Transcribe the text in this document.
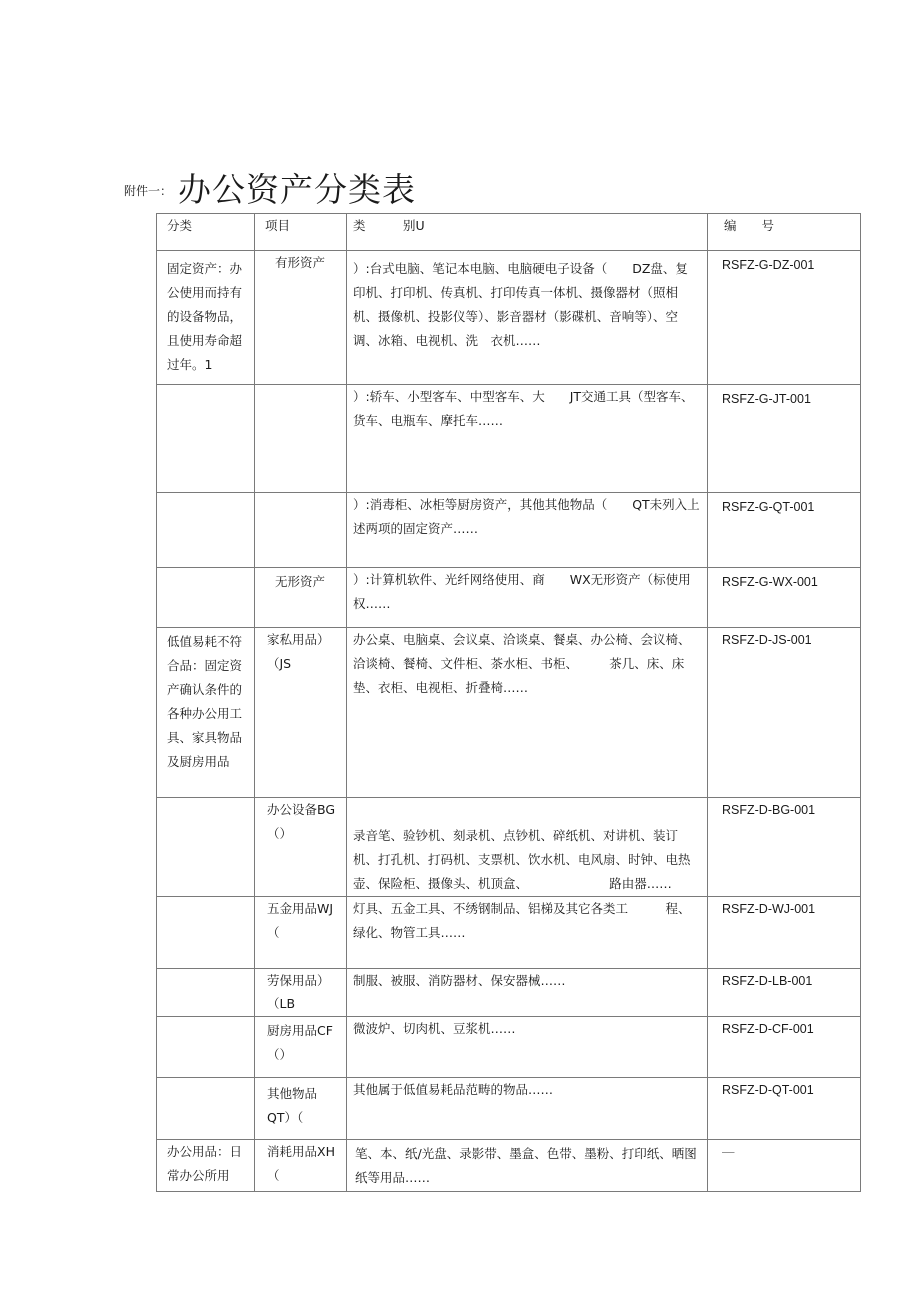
附件一： 办公资产分类表
分类	项目	类　　　别U	编　　号

固定资产：办公使用而持有的设备物品，且使用寿命超过年。1	有形资产	）:台式电脑、笔记本电脑、电脑硬电子设备（　　DZ盘、复　印机、打印机、传真机、打印传真一体机、摄像器材（照相机、摄像机、投影仪等）、影音器材（影碟机、音响等）、空调、冰箱、电视机、洗　衣机……	RSFZ-G-DZ-001

		）:轿车、小型客车、中型客车、大　　JT交通工具（型客车、货车、电瓶车、摩托车……	RSFZ-G-JT-001

		）:消毒柜、冰柜等厨房资产，其他其他物品（　　QT未列入上述两项的固定资产……	RSFZ-G-QT-001

	无形资产	）:计算机软件、光纤网络使用、商　　WX无形资产（标使用权……	RSFZ-G-WX-001

低值易耗不符合品：固定资产确认条件的各种办公用工具、家具物品及厨房用品	家私用品）（JS	办公桌、电脑桌、会议桌、洽谈桌、餐桌、办公椅、会议椅、洽谈椅、餐椅、文件柜、茶水柜、书柜、　　　茶几、床、床垫、衣柜、电视柜、折叠椅……	RSFZ-D-JS-001

	办公设备BG（）	录音笔、验钞机、刻录机、点钞机、碎纸机、对讲机、装订机、打孔机、打码机、支票机、饮水机、电风扇、时钟、电热壶、保险柜、摄像头、机顶盒、　　　　　　　路由器……	RSFZ-D-BG-001

	五金用品WJ（	灯具、五金工具、不绣钢制品、铝梯及其它各类工　　　程、绿化、物管工具……	RSFZ-D-WJ-001

	劳保用品）（LB	制服、被服、消防器材、保安器械……	RSFZ-D-LB-001

	厨房用品CF（）	微波炉、切肉机、豆浆机……	RSFZ-D-CF-001

	其他物品QT）（	其他属于低值易耗品范畴的物品……	RSFZ-D-QT-001

办公用品：日常办公所用	消耗用品XH（	笔、本、纸/光盘、录影带、墨盒、色带、墨粉、打印纸、晒图纸等用品……	—
